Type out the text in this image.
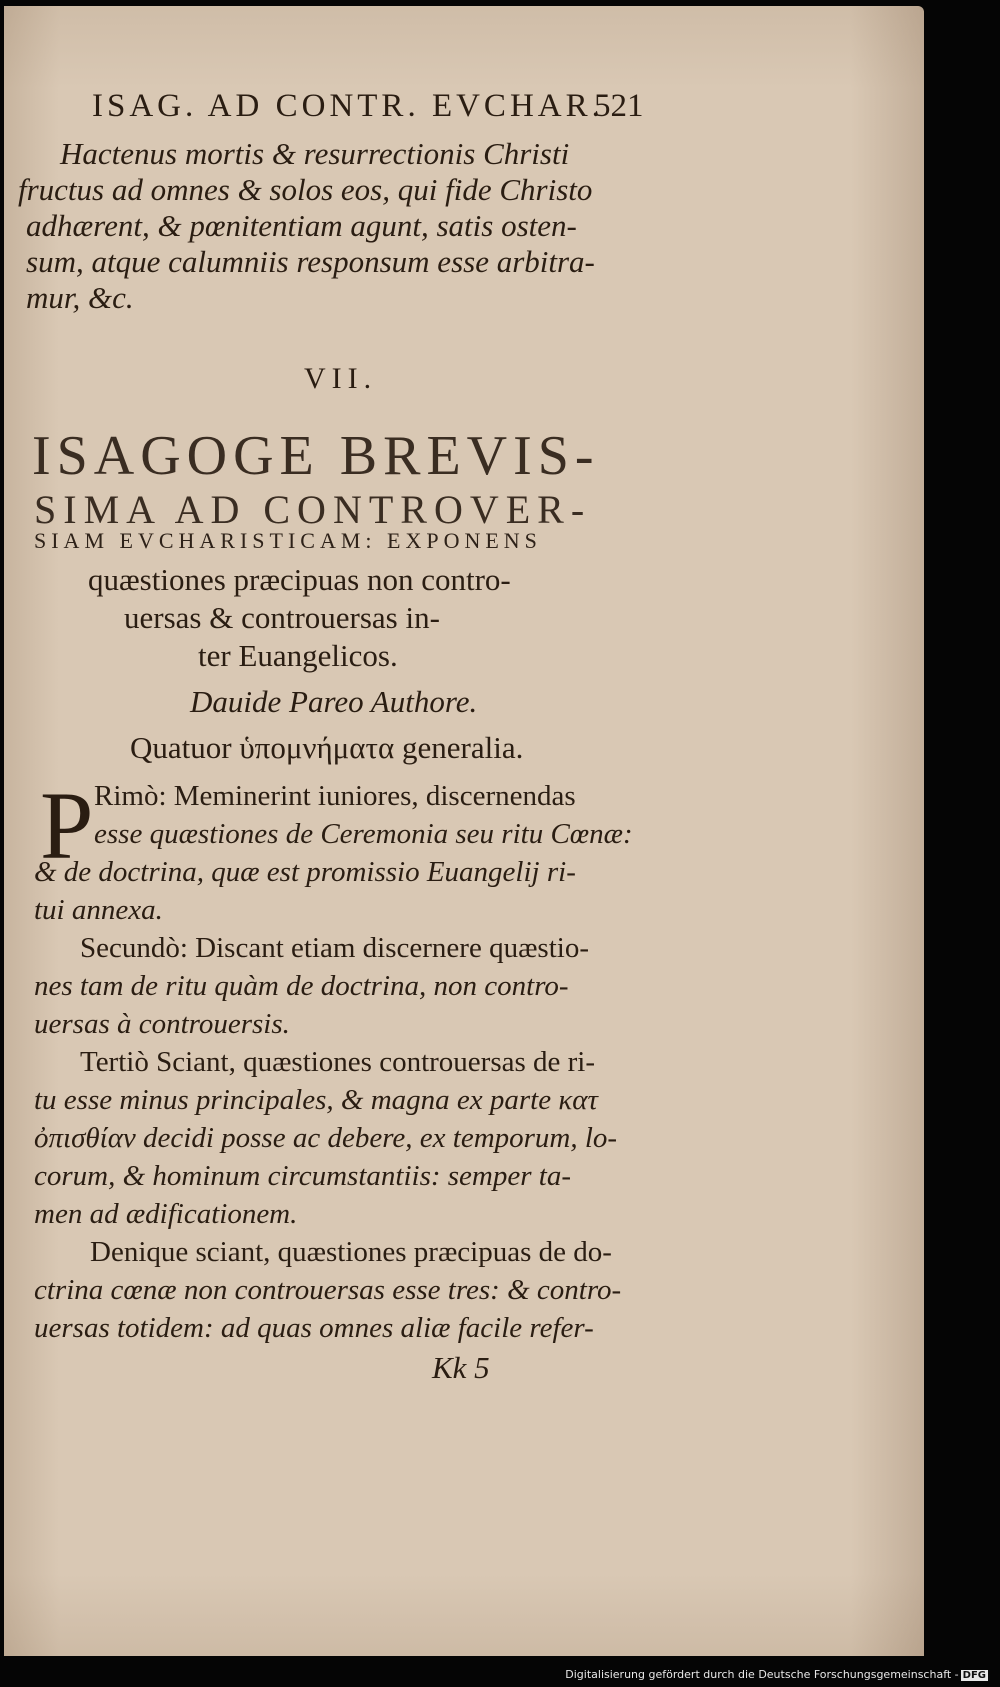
ISAG. AD CONTR. EVCHAR.
521
Hactenus mortis & resurrectionis Christi
fructus ad omnes & solos eos, qui fide Christo
adhærent, & pœnitentiam agunt, satis osten-
sum, atque calumniis responsum esse arbitra-
mur, &c.
VII.
ISAGOGE BREVIS-
SIMA AD CONTROVER-
SIAM EVCHARISTICAM: EXPONENS
quæstiones præcipuas non contro-
uersas & controuersas in-
ter Euangelicos.
Dauide Pareo Authore.
Quatuor ὑπομνήματα generalia.
P Rimò: Meminerint iuniores, discernendas
esse quæstiones de Ceremonia seu ritu Cœnæ:
& de doctrina, quæ est promissio Euangelij ri-
tui annexa.
Secundò: Discant etiam discernere quæstio-
nes tam de ritu quàm de doctrina, non contro-
uersas à controuersis.
Tertiò Sciant, quæstiones controuersas de ri-
tu esse minus principales, & magna ex parte κατ
ὀπισθίαν decidi posse ac debere, ex temporum, lo-
corum, & hominum circumstantiis: semper ta-
men ad ædificationem.
Denique sciant, quæstiones præcipuas de do-
ctrina cœnæ non controuersas esse tres: & contro-
uersas totidem: ad quas omnes aliæ facile refer-
Kk 5
Digitalisierung gefördert durch die Deutsche Forschungsgemeinschaft - DFG
